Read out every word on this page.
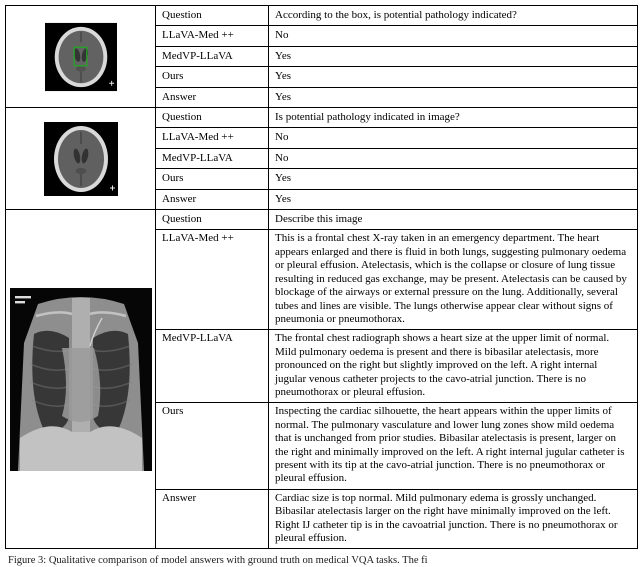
	Question	According to the box, is potential pathology indicated?
	LLaVA-Med ++	No
	MedVP-LLaVA	Yes
	Ours	Yes
	Answer	Yes
	Question	Is potential pathology indicated in image?
	LLaVA-Med ++	No
	MedVP-LLaVA	No
	Ours	Yes
	Answer	Yes
	Question	Describe this image
	LLaVA-Med ++	This is a frontal chest X-ray taken in an emergency department. The heart appears enlarged and there is fluid in both lungs, suggesting pulmonary oedema or pleural effusion. Atelectasis, which is the collapse or closure of lung tissue resulting in reduced gas exchange, may be present. Atelectasis can be caused by blockage of the airways or external pressure on the lung. Additionally, several tubes and lines are visible. The lungs otherwise appear clear without signs of pneumonia or pneumothorax.
	MedVP-LLaVA	The frontal chest radiograph shows a heart size at the upper limit of normal. Mild pulmonary oedema is present and there is bibasilar atelectasis, more pronounced on the right but slightly improved on the left. A right internal jugular venous catheter projects to the cavo-atrial junction. There is no pneumothorax or pleural effusion.
	Ours	Inspecting the cardiac silhouette, the heart appears within the upper limits of normal. The pulmonary vasculature and lower lung zones show mild oedema that is unchanged from prior studies. Bibasilar atelectasis is present, larger on the right and minimally improved on the left. A right internal jugular catheter is present with its tip at the cavo-atrial junction. There is no pneumothorax or pleural effusion.
	Answer	Cardiac size is top normal. Mild pulmonary edema is grossly unchanged. Bibasilar atelectasis larger on the right have minimally improved on the left. Right IJ catheter tip is in the cavoatrial junction. There is no pneumothorax or pleural effusion.
Figure 3: Qualitative comparison of model answers with ground truth on medical VQA tasks. The fi
